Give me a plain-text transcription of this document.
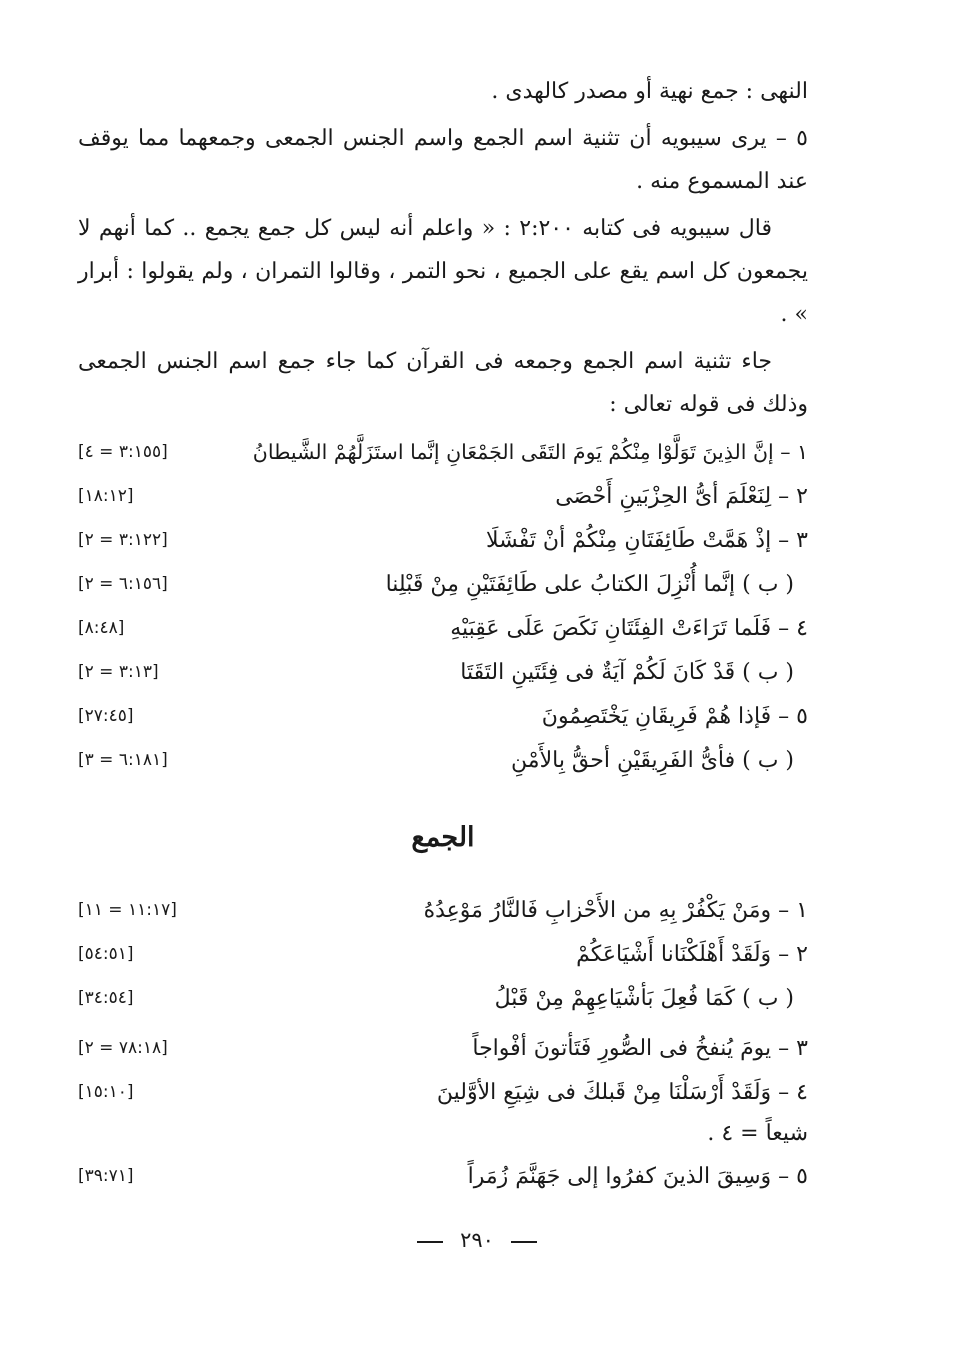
النهى : جمع نهية أو مصدر كالهدى .

٥ – يرى سيبويه أن تثنية اسم الجمع واسم الجنس الجمعى وجمعهما مما يوقف عند المسموع منه .

قال سيبويه فى كتابه ٢:٢٠٠ : « واعلم أنه ليس كل جمع يجمع .. كما أنهم لا يجمعون كل اسم يقع على الجميع ، نحو التمر ، وقالوا التمران ، ولم يقولوا : أبرار » .

جاء تثنية اسم الجمع وجمعه فى القرآن كما جاء جمع اسم الجنس الجمعى وذلك فى قوله تعالى :

١ – إنَّ الذِينَ تَوَلَّوْا مِنْكُمْ يَومَ التَقَى الجَمْعَانِ إنَّما استَزَلَّهُمْ الشَّيطانُ
[٣:١٥٥ = ٤]
٢ – لِنَعْلَمَ أىُّ الحِزْبَينِ أَحْصَى
[١٨:١٢]
٣ – إذْ هَمَّتْ طَائِفَتَانِ مِنْكُمْ أنْ تَفْشَلَا
[٣:١٢٢ = ٢]
( ب ) إنَّما أُنْزِلَ الكتابُ على طَائِفَتَيْنِ مِنْ قَبْلِنا
[٦:١٥٦ = ٢]
٤ – فَلَما تَرَاءَتْ الفِئَتَانِ نَكَصَ عَلَى عَقِبَيْهِ
[٨:٤٨]
( ب ) قَدْ كَانَ لَكُمْ آيَةٌ فى فِئَتَينِ التَقَتَا
[٣:١٣ = ٢]
٥ – فَإذا هُمْ فَرِيقَانِ يَخْتَصِمُونَ
[٢٧:٤٥]
( ب ) فأىُّ الفَرِيقَيْنِ أحقُّ بِالأَمْنِ
[٦:١٨١ = ٣]
الجمع
١ – ومَنْ يَكْفُرْ بِهِ من الأَحْزابِ فَالنَّارُ مَوْعِدُهُ
[١١:١٧ = ١١]
٢ – وَلَقَدْ أَهْلَكْنَانا أَشْيَاعَكُمْ
[٥٤:٥١]
( ب ) كَمَا فُعِلَ بَأشْيَاعِهِمْ مِنْ قَبْلُ
[٣٤:٥٤]
٣ – يومَ يُنفخُ فى الصُّورِ فَتَأتونَ أفْواجاً
[٧٨:١٨ = ٢]
٤ – وَلَقَدْ أَرْسَلْنَا مِنْ قَبلكَ فى شِيَعِ الأوَّلينَ
[١٥:١٠]
شيعاً = ٤ .
٥ – وَسِيقَ الذينَ كفرُوا إلى جَهَنَّمَ زُمَراً
[٣٩:٧١]
٢٩٠
